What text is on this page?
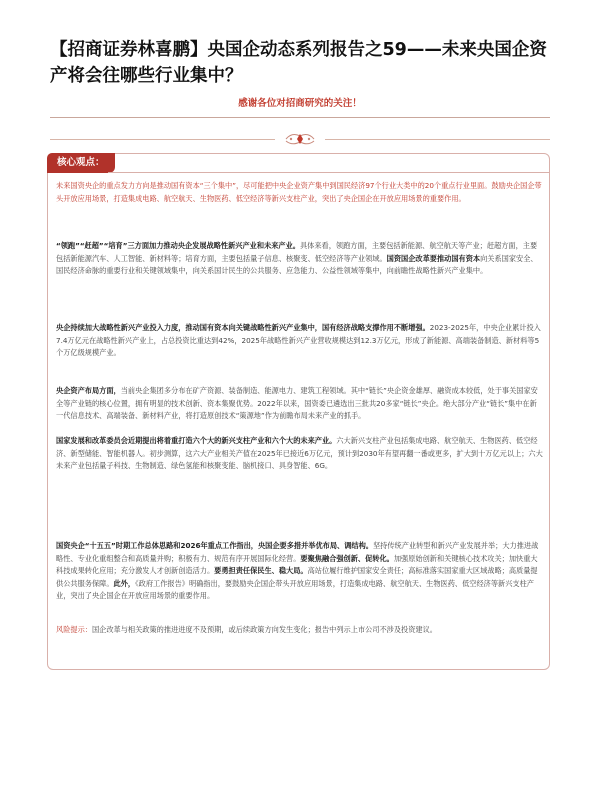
【招商证券林喜鹏】央国企动态系列报告之59——未来央国企资产将会往哪些行业集中？
感谢各位对招商研究的关注！
核心观点：
未来国资央企的重点发力方向是推动国有资本“三个集中”，尽可能把中央企业资产集中到国民经济97个行业大类中的20个重点行业里面。鼓励央企国企带头开放应用场景，打造集成电路、航空航天、生物医药、低空经济等新兴支柱产业，突出了央企国企在开放应用场景的重要作用。
“领跑”“赶超”“培育”三方面加力推动央企发展战略性新兴产业和未来产业。具体来看，领跑方面，主要包括新能源、航空航天等产业；赶超方面，主要包括新能源汽车、人工智能、新材料等；培育方面，主要包括量子信息、核聚变、低空经济等产业领域。国资国企改革要推动国有资本向关系国家安全、国民经济命脉的重要行业和关键领域集中，向关系国计民生的公共服务、应急能力、公益性领域等集中，向前瞻性战略性新兴产业集中。
央企持续加大战略性新兴产业投入力度，推动国有资本向关键战略性新兴产业集中，国有经济战略支撑作用不断增强。2023-2025年，中央企业累计投入7.4万亿元在战略性新兴产业上，占总投资比重达到42%，2025年战略性新兴产业营收规模达到12.3万亿元，形成了新能源、高端装备制造、新材料等5个万亿级规模产业。
央企资产布局方面，当前央企集团多分布在矿产资源、装备制造、能源电力、建筑工程领域。其中“链长”央企资金雄厚、融资成本较低，处于事关国家安全等产业链的核心位置，拥有明显的技术创新、资本集聚优势。2022年以来，国资委已遴选出三批共20多家“链长”央企。绝大部分产业“链长”集中在新一代信息技术、高端装备、新材料产业，将打造原创技术“策源地”作为前瞻布局未来产业的抓手。
国家发展和改革委员会近期提出将着重打造六个大的新兴支柱产业和六个大的未来产业。六大新兴支柱产业包括集成电路、航空航天、生物医药、低空经济、新型储能、智能机器人。初步测算，这六大产业相关产值在2025年已接近6万亿元，预计到2030年有望再翻一番或更多，扩大到十万亿元以上；六大未来产业包括量子科技、生物制造、绿色氢能和核聚变能、脑机接口、具身智能、6G。
国资央企“十五五”时期工作总体思路和2026年重点工作指出，央国企要多措并举优布局、调结构。坚持传统产业转型和新兴产业发展并举；大力推进战略性、专业化重组整合和高质量并购；积极有力、规范有序开展国际化经营。要聚焦融合强创新、促转化。加强原始创新和关键核心技术攻关；加快重大科技成果转化应用；充分激发人才创新创造活力。要勇担责任保民生、稳大局。高站位履行维护国家安全责任；高标准落实国家重大区域战略；高质量提供公共服务保障。此外，《政府工作报告》明确指出，要鼓励央企国企带头开放应用场景，打造集成电路、航空航天、生物医药、低空经济等新兴支柱产业，突出了央企国企在开放应用场景的重要作用。
风险提示：国企改革与相关政策的推进进度不及预期，或后续政策方向发生变化；报告中列示上市公司不涉及投资建议。
